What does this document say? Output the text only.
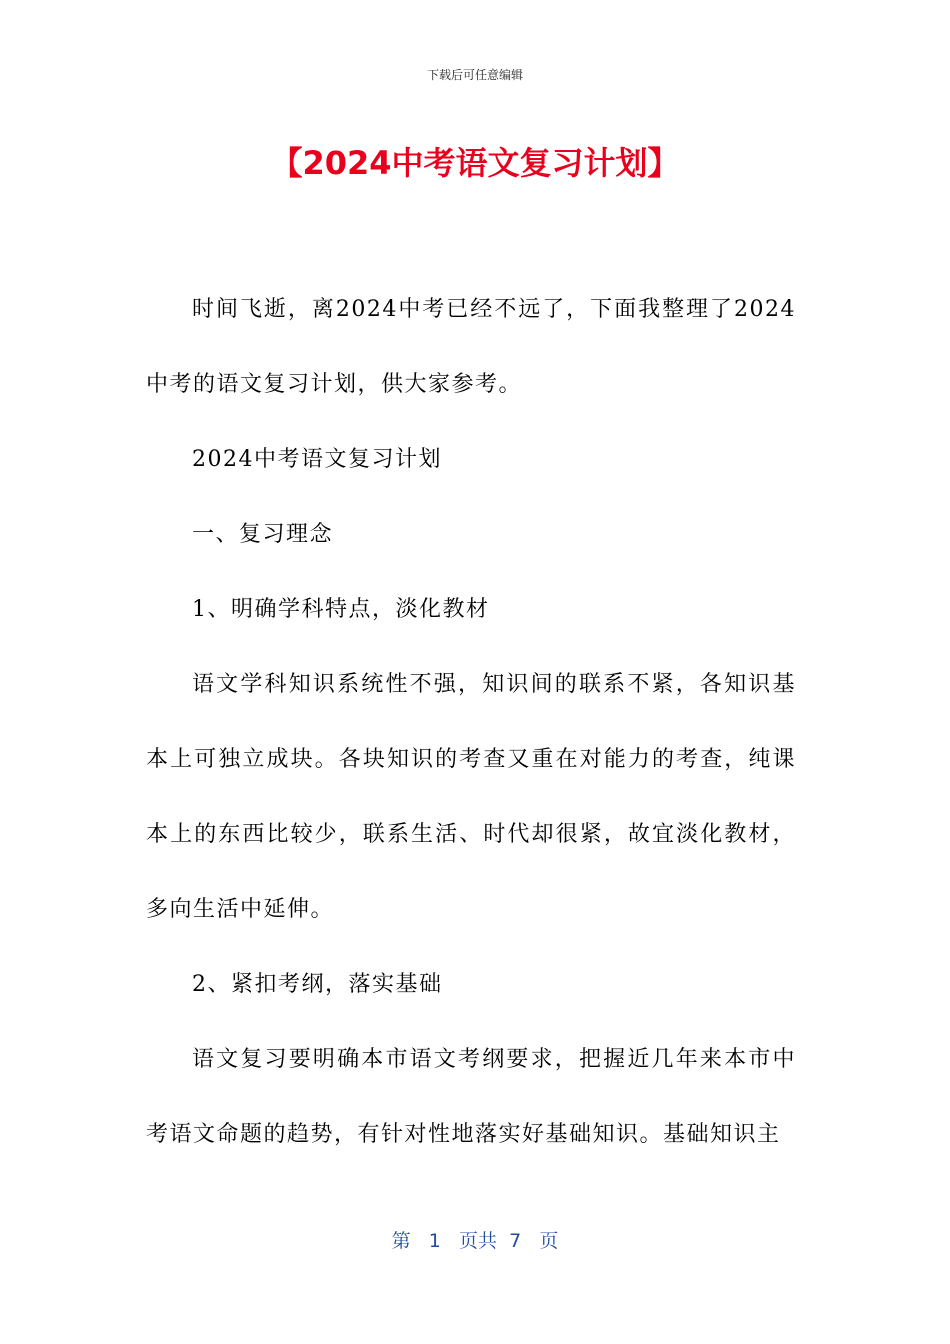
下载后可任意编辑
【2024中考语文复习计划】

时间飞逝，离2024中考已经不远了，下面我整理了2024中考的语文复习计划，供大家参考。

2024中考语文复习计划

一、复习理念

1、明确学科特点，淡化教材

语文学科知识系统性不强，知识间的联系不紧，各知识基本上可独立成块。各块知识的考查又重在对能力的考查，纯课本上的东西比较少，联系生活、时代却很紧，故宜淡化教材，多向生活中延伸。

2、紧扣考纲，落实基础

语文复习要明确本市语文考纲要求，把握近几年来本市中考语文命题的趋势，有针对性地落实好基础知识。基础知识主

第 1 页共 7 页
